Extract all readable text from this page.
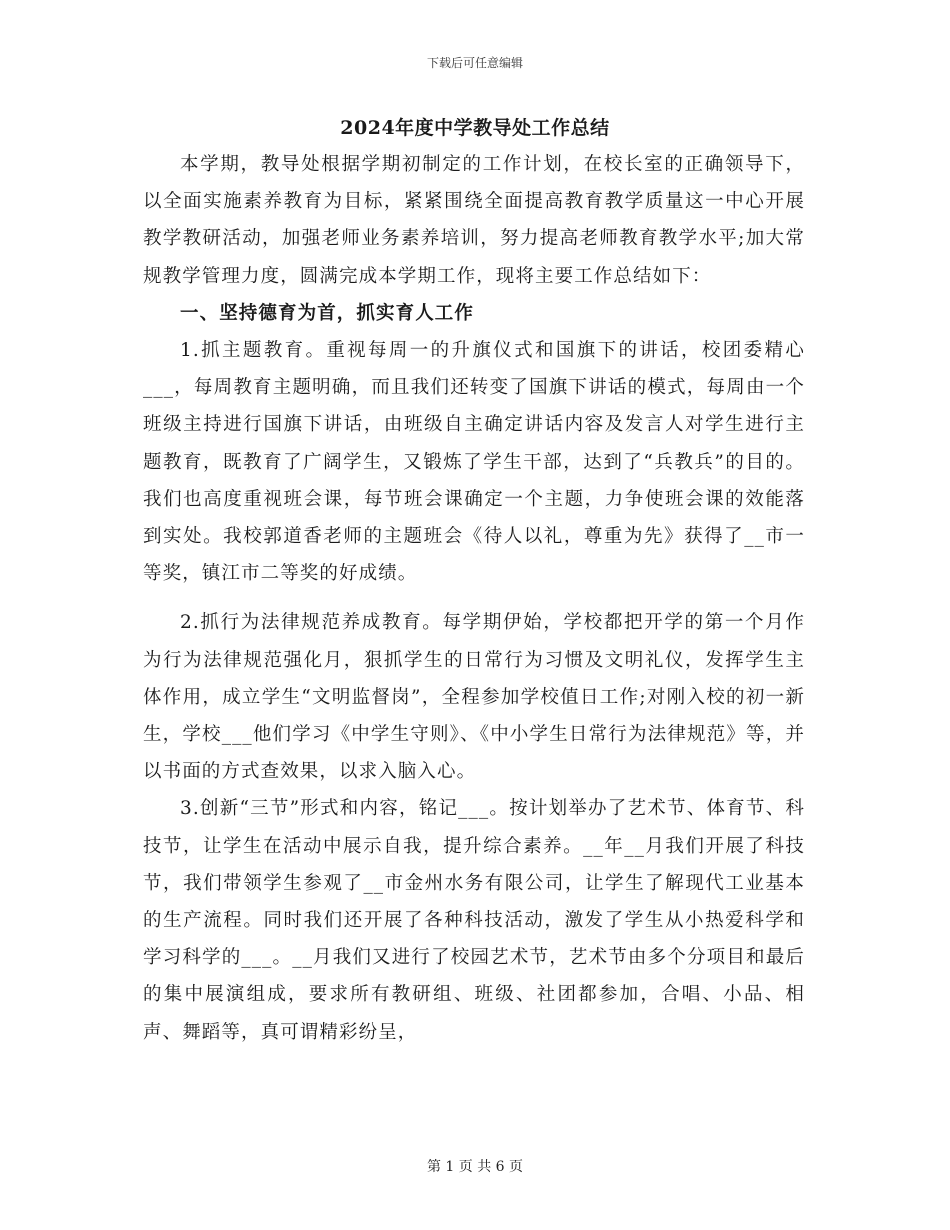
下载后可任意编辑
2024年度中学教导处工作总结

本学期，教导处根据学期初制定的工作计划，在校长室的正确领导下，以全面实施素养教育为目标，紧紧围绕全面提高教育教学质量这一中心开展教学教研活动，加强老师业务素养培训，努力提高老师教育教学水平;加大常规教学管理力度，圆满完成本学期工作，现将主要工作总结如下：

一、坚持德育为首，抓实育人工作

1.抓主题教育。重视每周一的升旗仪式和国旗下的讲话，校团委精心___，每周教育主题明确，而且我们还转变了国旗下讲话的模式，每周由一个班级主持进行国旗下讲话，由班级自主确定讲话内容及发言人对学生进行主题教育，既教育了广阔学生，又锻炼了学生干部，达到了“兵教兵”的目的。我们也高度重视班会课，每节班会课确定一个主题，力争使班会课的效能落到实处。我校郭道香老师的主题班会《待人以礼，尊重为先》获得了__市一等奖，镇江市二等奖的好成绩。

2.抓行为法律规范养成教育。每学期伊始，学校都把开学的第一个月作为行为法律规范强化月，狠抓学生的日常行为习惯及文明礼仪，发挥学生主体作用，成立学生“文明监督岗”，全程参加学校值日工作;对刚入校的初一新生，学校___他们学习《中学生守则》、《中小学生日常行为法律规范》等，并以书面的方式查效果，以求入脑入心。

3.创新“三节”形式和内容，铭记___。按计划举办了艺术节、体育节、科技节，让学生在活动中展示自我，提升综合素养。__年__月我们开展了科技节，我们带领学生参观了__市金州水务有限公司，让学生了解现代工业基本的生产流程。同时我们还开展了各种科技活动，激发了学生从小热爱科学和学习科学的___。__月我们又进行了校园艺术节，艺术节由多个分项目和最后的集中展演组成，要求所有教研组、班级、社团都参加，合唱、小品、相声、舞蹈等，真可谓精彩纷呈，

第 1 页 共 6 页
